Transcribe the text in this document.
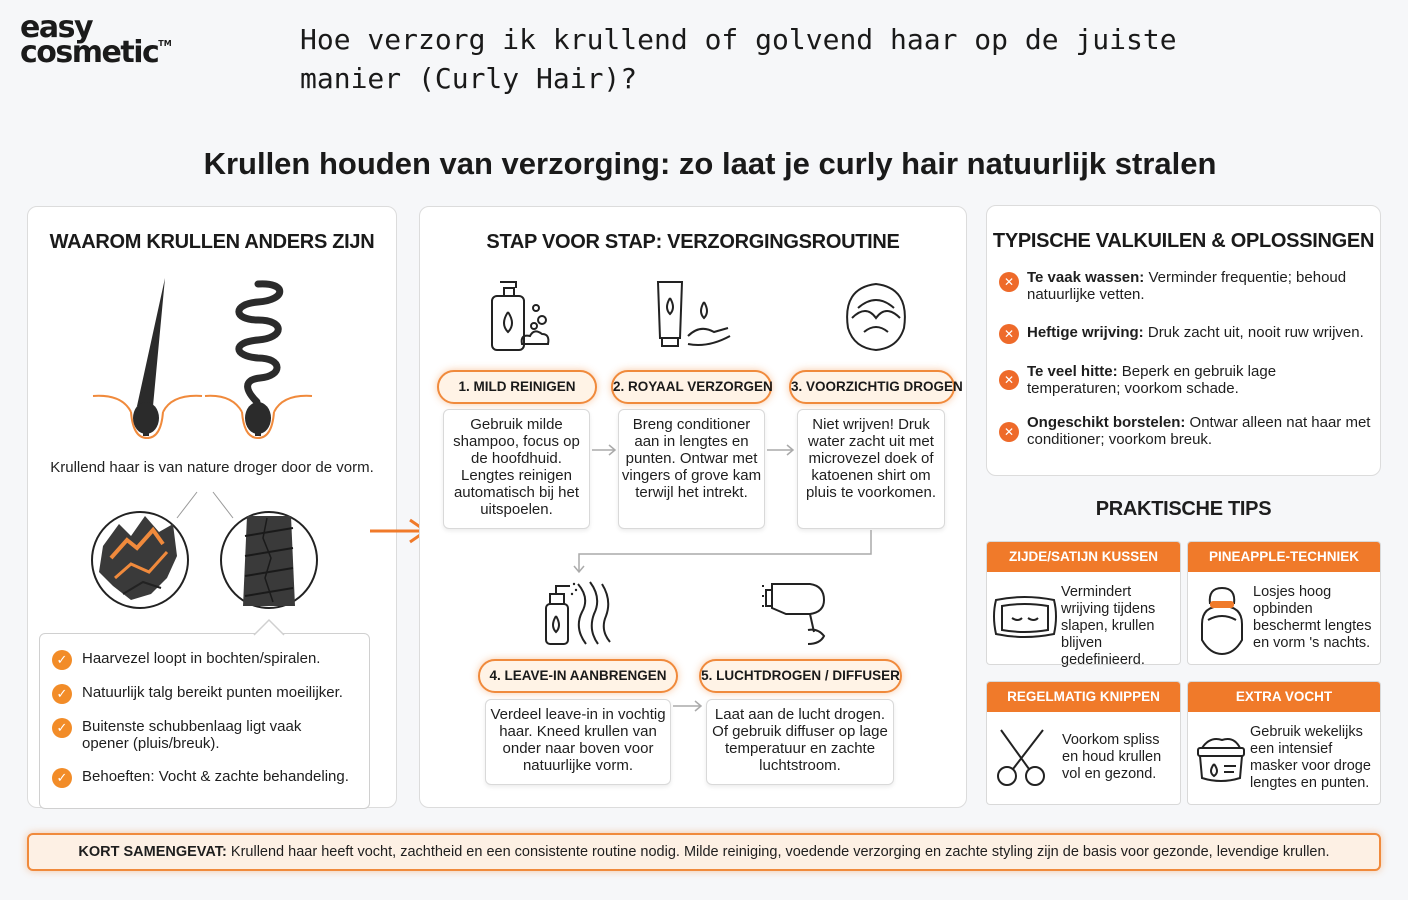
easy
cosmetic™	Hoe verzorg ik krullend of golvend haar op de juiste manier (Curly Hair)?
Krullen houden van verzorging: zo laat je curly hair natuurlijk stralen
WAAROM KRULLEN ANDERS ZIJN
Krullend haar is van nature droger door de vorm.
✓ Haarvezel loopt in bochten/spiralen.
✓ Natuurlijk talg bereikt punten moeilijker.
✓ Buitenste schubbenlaag ligt vaak opener (pluis/breuk).
✓ Behoeften: Vocht & zachte behandeling.
STAP VOOR STAP: VERZORGINGSROUTINE
1. MILD REINIGEN	2. ROYAAL VERZORGEN 3. VOORZICHTIG DROGEN
4. LEAVE-IN AANBRENGEN	5. LUCHTDROGEN / DIFFUSER
Gebruik milde shampoo, focus op de hoofdhuid. Lengtes reinigen automatisch bij het uitspoelen.
Breng conditioner aan in lengtes en punten. Ontwar met vingers of grove kam terwijl het intrekt.
Niet wrijven! Druk water zacht uit met microvezel doek of katoenen shirt om pluis te voorkomen.
Verdeel leave-in in vochtig haar. Kneed krullen van onder naar boven voor natuurlijke vorm.
Laat aan de lucht drogen. Of gebruik diffuser op lage temperatuur en zachte luchtstroom.
TYPISCHE VALKUILEN & OPLOSSINGEN
✕ Te vaak wassen: Verminder frequentie; behoud natuurlijke vetten.
✕ Heftige wrijving: Druk zacht uit, nooit ruw wrijven.
✕ Te veel hitte: Beperk en gebruik lage temperaturen; voorkom schade.
✕
Ongeschikt borstelen: Ontwar alleen nat haar met conditioner; voorkom breuk.
PRAKTISCHE TIPS
ZIJDE/SATIJN KUSSEN
Vermindert wrijving tijdens slapen, krullen blijven gedefinieerd.
PINEAPPLE-TECHNIEK
Losjes hoog opbinden beschermt lengtes en vorm 's nachts.
REGELMATIG KNIPPEN
Voorkom spliss en houd krullen vol en gezond.
EXTRA VOCHT
Gebruik wekelijks een intensief masker voor droge lengtes en punten.
KORT SAMENGEVAT: Krullend haar heeft vocht, zachtheid en een consistente routine nodig. Milde reiniging, voedende verzorging en zachte styling zijn de basis voor gezonde, levendige krullen.
